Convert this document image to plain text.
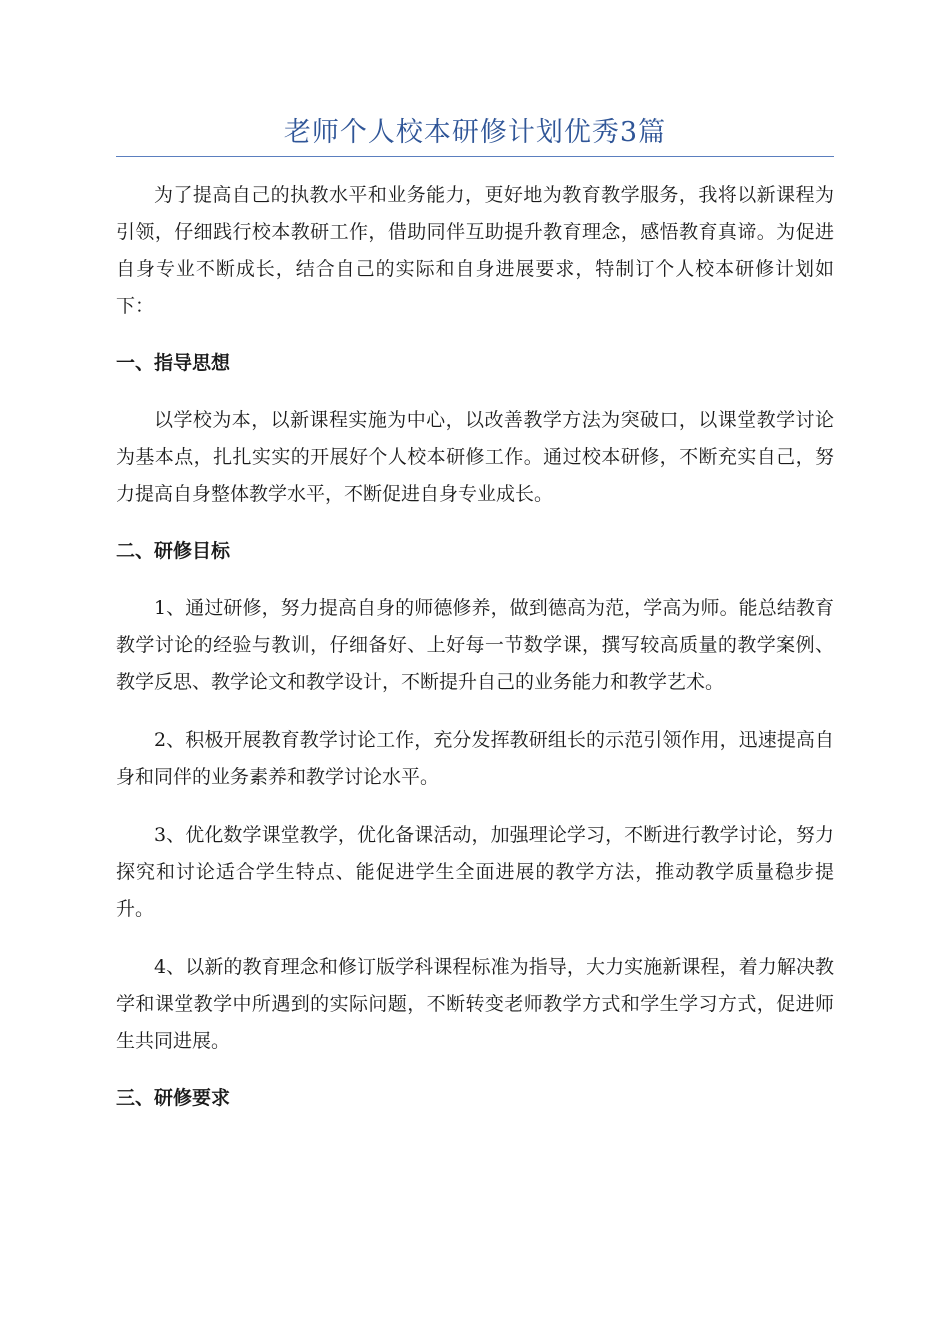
老师个人校本研修计划优秀3篇

为了提高自己的执教水平和业务能力，更好地为教育教学服务，我将以新课程为引领，仔细践行校本教研工作，借助同伴互助提升教育理念，感悟教育真谛。为促进自身专业不断成长，结合自己的实际和自身进展要求，特制订个人校本研修计划如下：

一、指导思想

以学校为本，以新课程实施为中心，以改善教学方法为突破口，以课堂教学讨论为基本点，扎扎实实的开展好个人校本研修工作。通过校本研修，不断充实自己，努力提高自身整体教学水平，不断促进自身专业成长。

二、研修目标

1、通过研修，努力提高自身的师德修养，做到德高为范，学高为师。能总结教育教学讨论的经验与教训，仔细备好、上好每一节数学课，撰写较高质量的教学案例、教学反思、教学论文和教学设计，不断提升自己的业务能力和教学艺术。

2、积极开展教育教学讨论工作，充分发挥教研组长的示范引领作用，迅速提高自身和同伴的业务素养和教学讨论水平。

3、优化数学课堂教学，优化备课活动，加强理论学习，不断进行教学讨论，努力探究和讨论适合学生特点、能促进学生全面进展的教学方法，推动教学质量稳步提升。

4、以新的教育理念和修订版学科课程标准为指导，大力实施新课程，着力解决教学和课堂教学中所遇到的实际问题，不断转变老师教学方式和学生学习方式，促进师生共同进展。

三、研修要求
